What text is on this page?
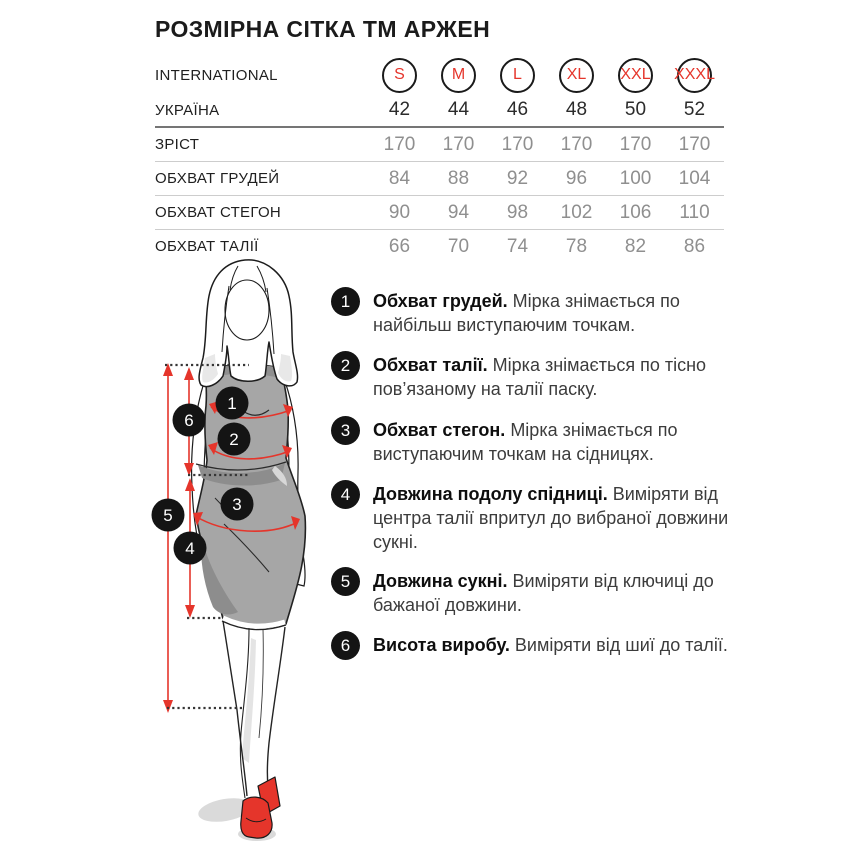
РОЗМІРНА СІТКА ТМ АРЖЕН
INTERNATIONAL	S	M	L	XL XXL XXXL
УКРАЇНА	42	44	46	48	50	52
ЗРІСТ	170	170	170	170	170	170
ОБХВАТ ГРУДЕЙ	84	88	92	96	100	104
ОБХВАТ СТЕГОН	90	94	98	102	106	110
ОБХВАТ ТАЛІЇ	66	70	74	78	82	86
1
2
3
4
5
6
1	Обхват грудей. Мірка знімається по найбільш виступаючим точкам.
2	Обхват талії. Мірка знімається по тісно пов’язаному на талії паску.
3	Обхват стегон. Мірка знімається по виступаючим точкам на сідницях.
4	Довжина подолу спідниці. Виміряти від центра талії впритул до вибраної довжини сукні.
5	Довжина сукні. Виміряти від ключиці до бажаної довжини.
6	Висота виробу. Виміряти від шиї до талії.
